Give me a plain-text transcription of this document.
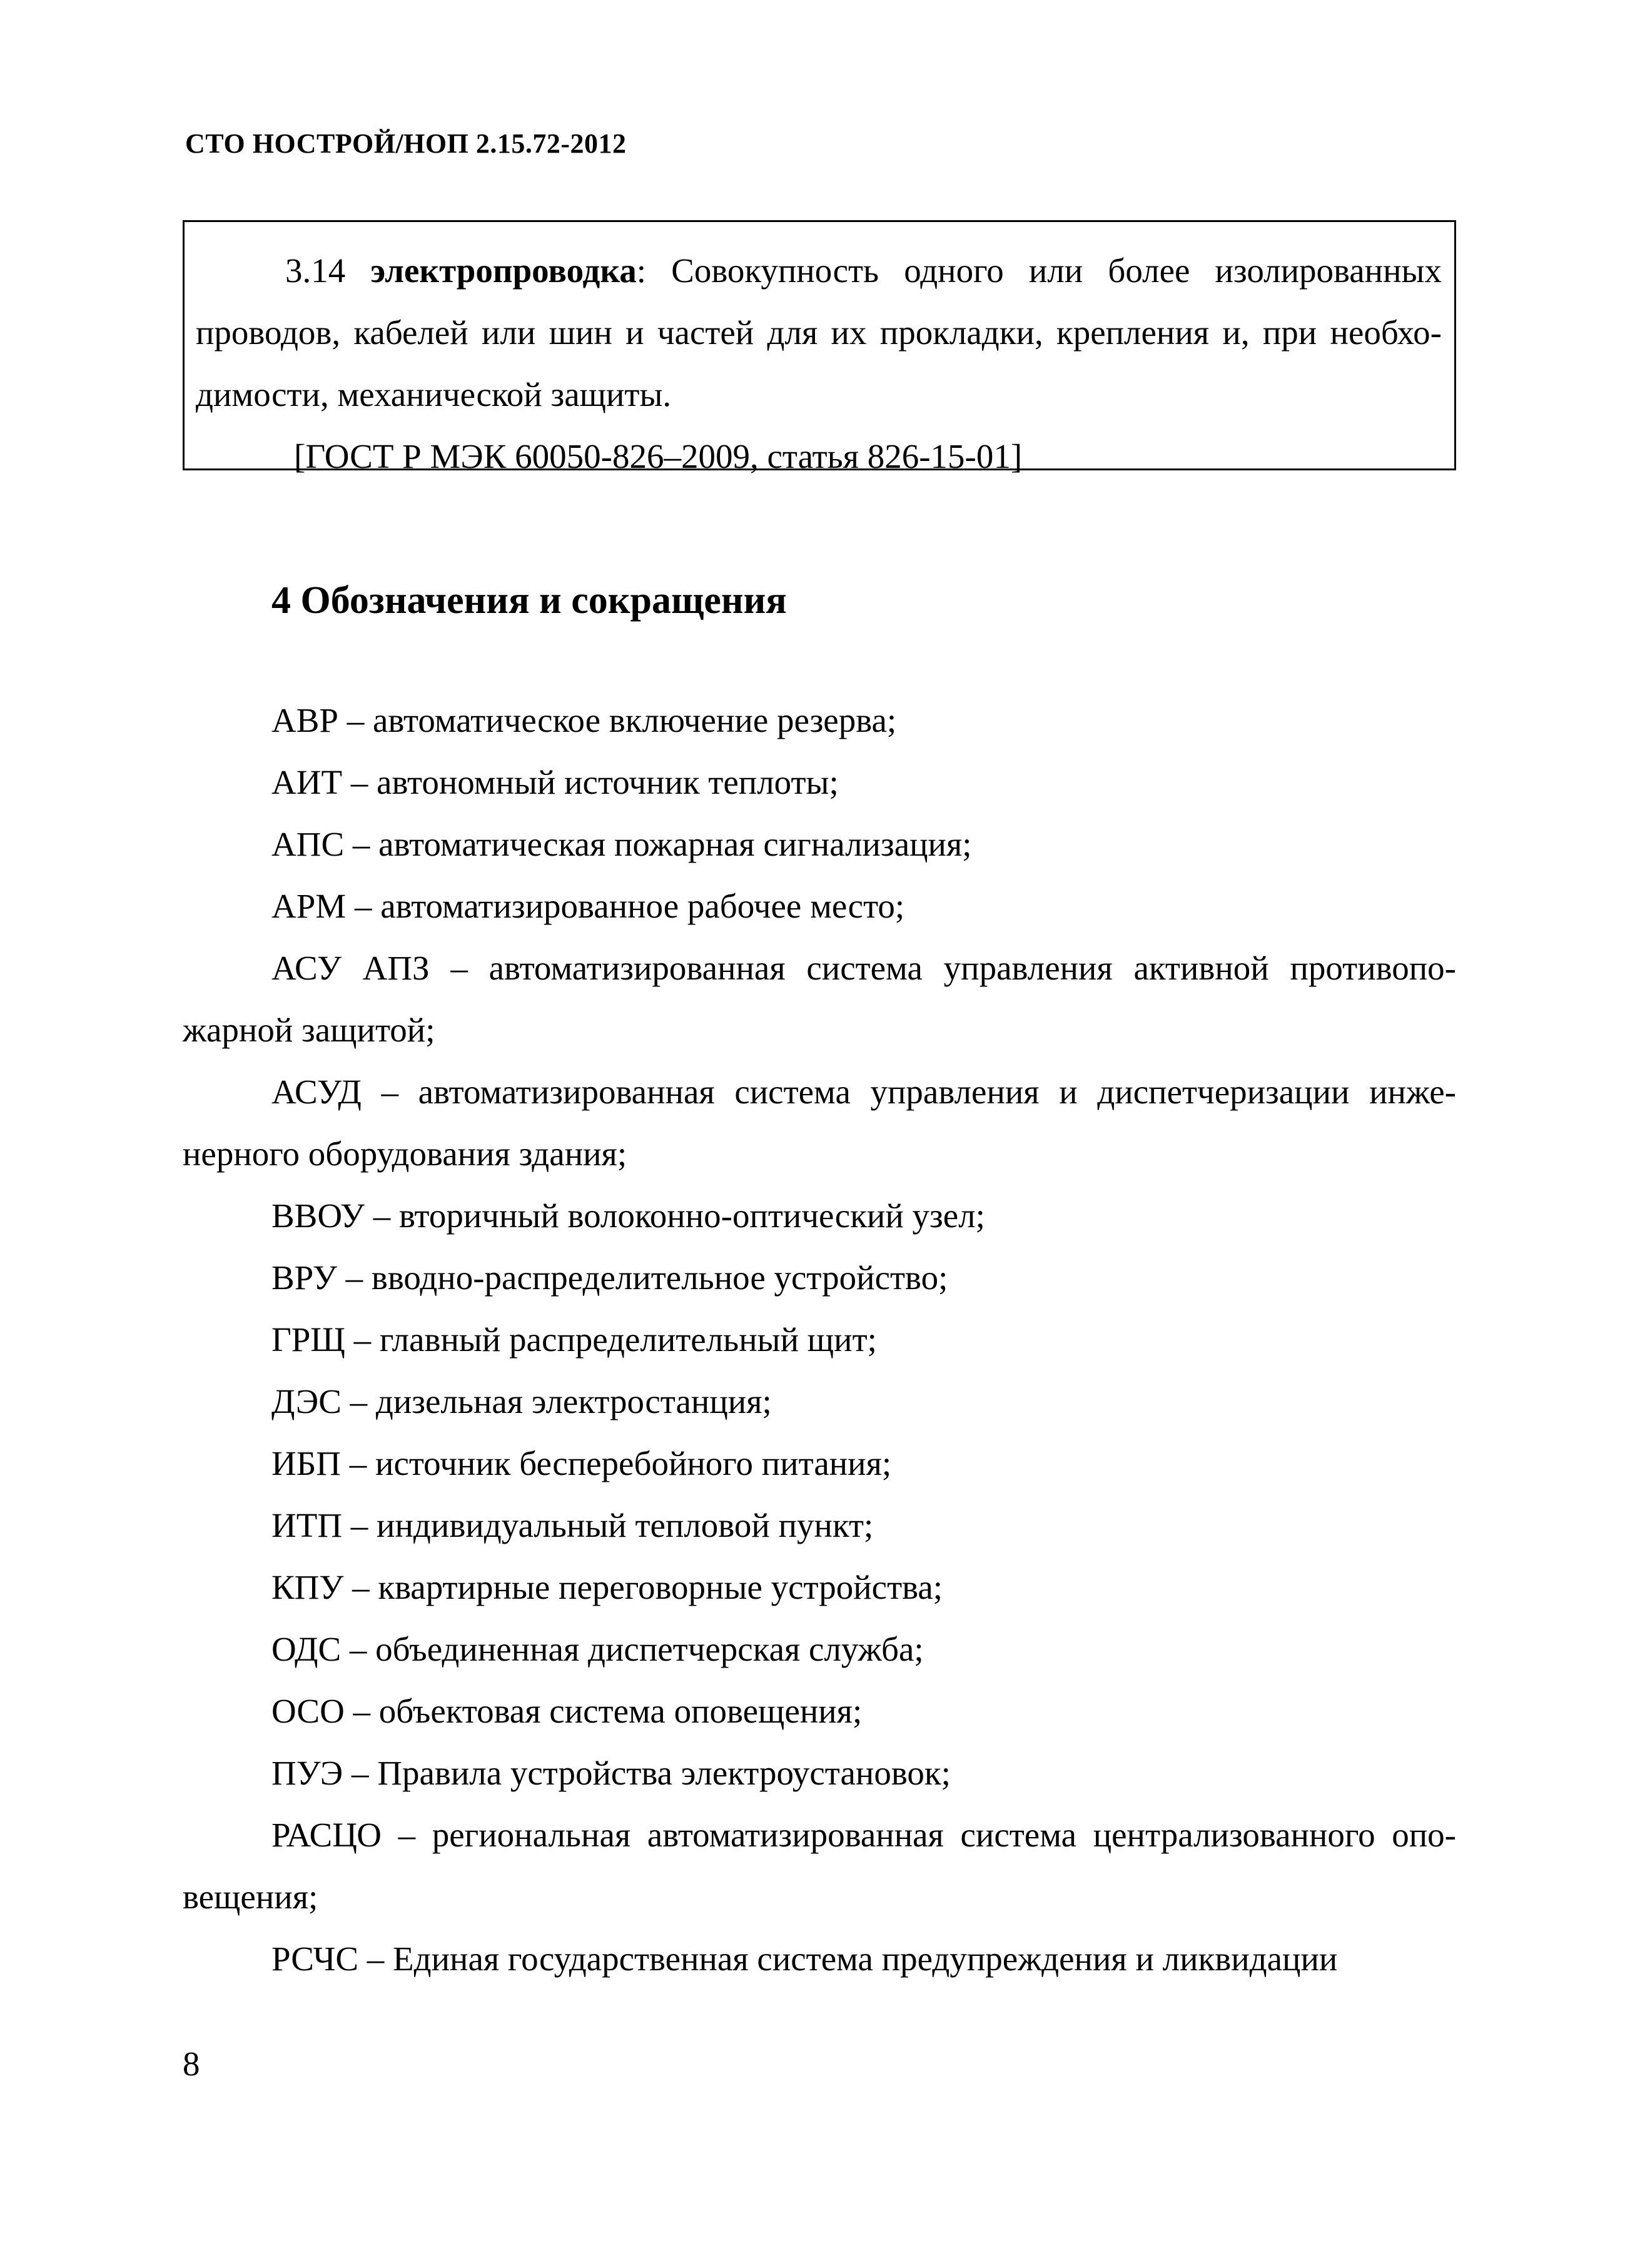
СТО НОСТРОЙ/НОП 2.15.72-2012
3.14 электропроводка: Совокупность одного или более изолированных
проводов, кабелей или шин и частей для их прокладки, крепления и, при необхо-
димости, механической защиты.
[ГОСТ Р МЭК 60050-826–2009, статья 826-15-01]
4 Обозначения и сокращения
АВР – автоматическое включение резерва;
АИТ – автономный источник теплоты;
АПС – автоматическая пожарная сигнализация;
АРМ – автоматизированное рабочее место;
АСУ АПЗ – автоматизированная система управления активной противопо-
жарной защитой;
АСУД – автоматизированная система управления и диспетчеризации инже-
нерного оборудования здания;
ВВОУ – вторичный волоконно-оптический узел;
ВРУ – вводно-распределительное устройство;
ГРЩ – главный распределительный щит;
ДЭС – дизельная электростанция;
ИБП – источник бесперебойного питания;
ИТП – индивидуальный тепловой пункт;
КПУ – квартирные переговорные устройства;
ОДС – объединенная диспетчерская служба;
ОСО – объектовая система оповещения;
ПУЭ – Правила устройства электроустановок;
РАСЦО – региональная автоматизированная система централизованного опо-
вещения;
РСЧС – Единая государственная система предупреждения и ликвидации
8
